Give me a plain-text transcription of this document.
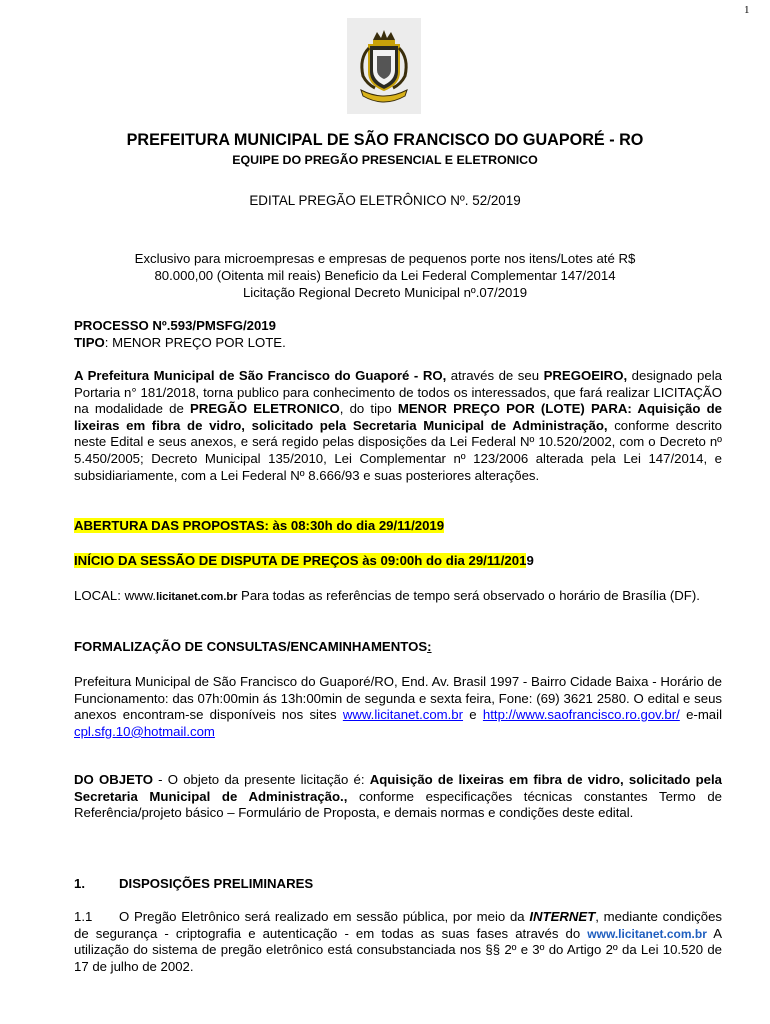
1
PREFEITURA MUNICIPAL DE SÃO FRANCISCO DO GUAPORÉ - RO
EQUIPE DO PREGÃO PRESENCIAL E ELETRONICO
EDITAL PREGÃO ELETRÔNICO Nº. 52/2019
Exclusivo para microempresas e empresas de pequenos porte nos itens/Lotes até R$
80.000,00 (Oitenta mil reais) Beneficio da Lei Federal Complementar 147/2014
Licitação Regional Decreto Municipal nº.07/2019
PROCESSO Nº.593/PMSFG/2019
TIPO: MENOR PREÇO POR LOTE.
A Prefeitura Municipal de São Francisco do Guaporé - RO, através de seu PREGOEIRO, designado pela Portaria n° 181/2018, torna publico para conhecimento de todos os interessados, que fará realizar LICITAÇÃO na modalidade de PREGÃO ELETRONICO, do tipo MENOR PREÇO POR (LOTE) PARA: Aquisição de lixeiras em fibra de vidro, solicitado pela Secretaria Municipal de Administração, conforme descrito neste Edital e seus anexos, e será regido pelas disposições da Lei Federal Nº 10.520/2002, com o Decreto nº 5.450/2005; Decreto Municipal 135/2010, Lei Complementar nº 123/2006 alterada pela Lei 147/2014, e subsidiariamente, com a Lei Federal Nº 8.666/93 e suas posteriores alterações.
ABERTURA DAS PROPOSTAS: às 08:30h do dia 29/11/2019
INÍCIO DA SESSÃO DE DISPUTA DE PREÇOS às 09:00h do dia 29/11/2019
LOCAL: www.licitanet.com.br Para todas as referências de tempo será observado o horário de Brasília (DF).
FORMALIZAÇÃO DE CONSULTAS/ENCAMINHAMENTOS:
Prefeitura Municipal de São Francisco do Guaporé/RO, End. Av. Brasil 1997 - Bairro Cidade Baixa - Horário de Funcionamento: das 07h:00min ás 13h:00min de segunda e sexta feira, Fone: (69) 3621 2580. O edital e seus anexos encontram-se disponíveis nos sites www.licitanet.com.br e http://www.saofrancisco.ro.gov.br/ e-mail cpl.sfg.10@hotmail.com
DO OBJETO - O objeto da presente licitação é: Aquisição de lixeiras em fibra de vidro, solicitado pela Secretaria Municipal de Administração., conforme especificações técnicas constantes Termo de Referência/projeto básico – Formulário de Proposta, e demais normas e condições deste edital.
1.	DISPOSIÇÕES PRELIMINARES
1.1 O Pregão Eletrônico será realizado em sessão pública, por meio da INTERNET, mediante condições de segurança - criptografia e autenticação - em todas as suas fases através do www.licitanet.com.br A utilização do sistema de pregão eletrônico está consubstanciada nos §§ 2º e 3º do Artigo 2º da Lei 10.520 de 17 de julho de 2002.
